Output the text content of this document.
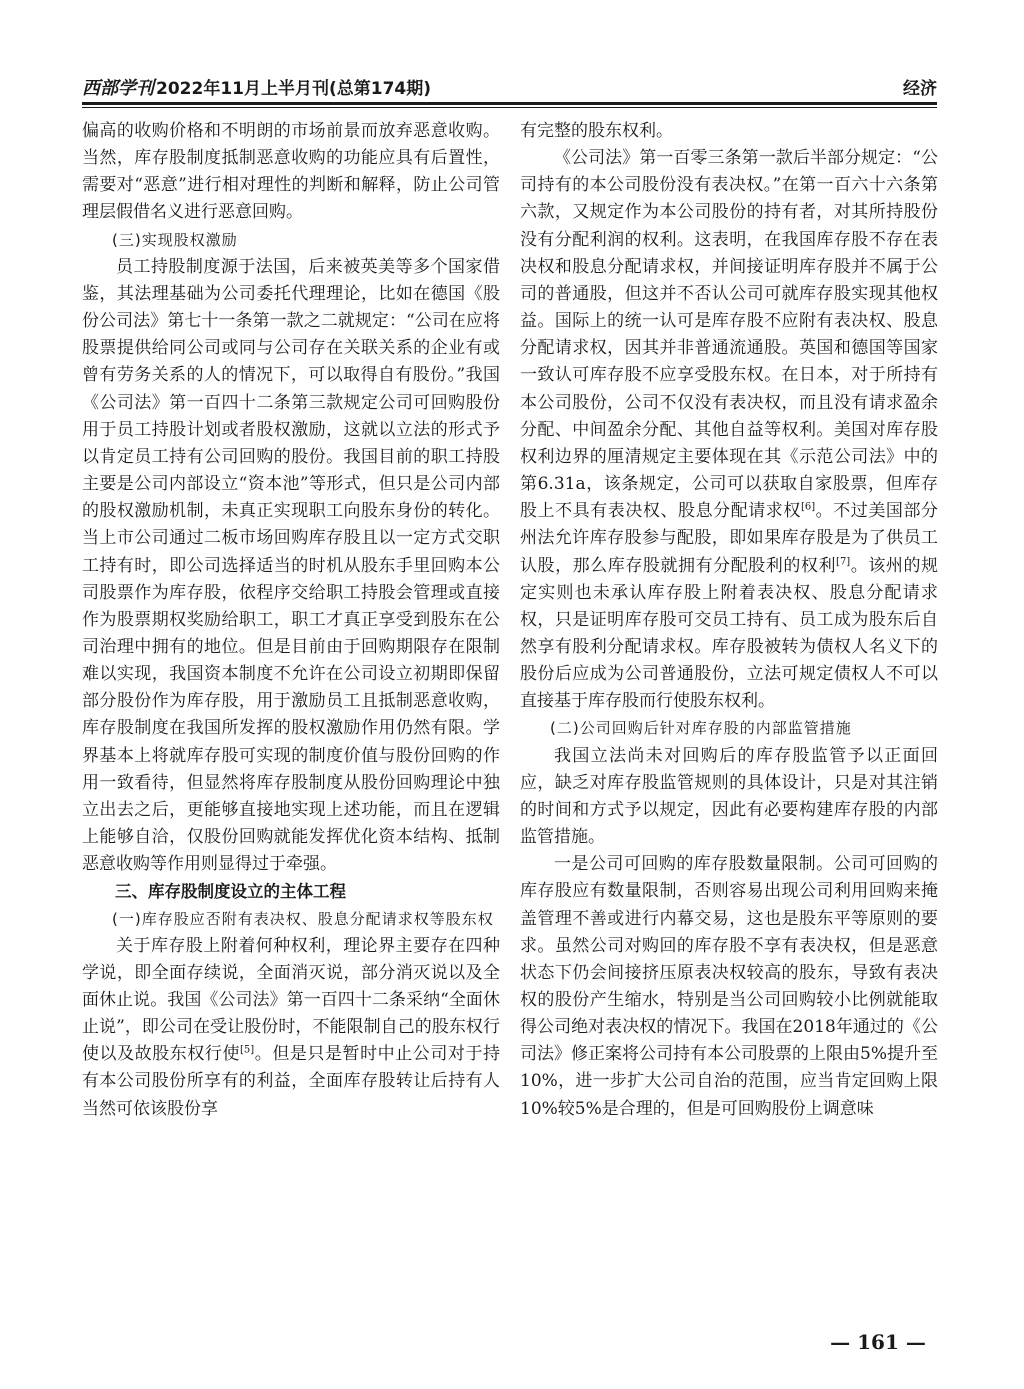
西部学刊 2022年11月上半月刊(总第174期)	经济

偏高的收购价格和不明朗的市场前景而放弃恶意收购。当然，库存股制度抵制恶意收购的功能应具有后置性，需要对“恶意”进行相对理性的判断和解释，防止公司管理层假借名义进行恶意回购。

(三)实现股权激励

员工持股制度源于法国，后来被英美等多个国家借鉴，其法理基础为公司委托代理理论，比如在德国《股份公司法》第七十一条第一款之二就规定：“公司在应将股票提供给同公司或同与公司存在关联关系的企业有或曾有劳务关系的人的情况下，可以取得自有股份。”我国《公司法》第一百四十二条第三款规定公司可回购股份用于员工持股计划或者股权激励，这就以立法的形式予以肯定员工持有公司回购的股份。我国目前的职工持股主要是公司内部设立“资本池”等形式，但只是公司内部的股权激励机制，未真正实现职工向股东身份的转化。当上市公司通过二板市场回购库存股且以一定方式交职工持有时，即公司选择适当的时机从股东手里回购本公司股票作为库存股，依程序交给职工持股会管理或直接作为股票期权奖励给职工，职工才真正享受到股东在公司治理中拥有的地位。但是目前由于回购期限存在限制难以实现，我国资本制度不允许在公司设立初期即保留部分股份作为库存股，用于激励员工且抵制恶意收购，库存股制度在我国所发挥的股权激励作用仍然有限。学界基本上将就库存股可实现的制度价值与股份回购的作用一致看待，但显然将库存股制度从股份回购理论中独立出去之后，更能够直接地实现上述功能，而且在逻辑上能够自洽，仅股份回购就能发挥优化资本结构、抵制恶意收购等作用则显得过于牵强。

三、库存股制度设立的主体工程

(一)库存股应否附有表决权、股息分配请求权等股东权

关于库存股上附着何种权利，理论界主要存在四种学说，即全面存续说，全面消灭说，部分消灭说以及全面休止说。我国《公司法》第一百四十二条采纳“全面休止说”，即公司在受让股份时，不能限制自己的股东权行使以及故股东权行使[5]。但是只是暂时中止公司对于持有本公司股份所享有的利益，全面库存股转让后持有人当然可依该股份享

有完整的股东权利。

《公司法》第一百零三条第一款后半部分规定：“公司持有的本公司股份没有表决权。”在第一百六十六条第六款，又规定作为本公司股份的持有者，对其所持股份没有分配利润的权利。这表明，在我国库存股不存在表决权和股息分配请求权，并间接证明库存股并不属于公司的普通股，但这并不否认公司可就库存股实现其他权益。国际上的统一认可是库存股不应附有表决权、股息分配请求权，因其并非普通流通股。英国和德国等国家一致认可库存股不应享受股东权。在日本，对于所持有本公司股份，公司不仅没有表决权，而且没有请求盈余分配、中间盈余分配、其他自益等权利。美国对库存股权利边界的厘清规定主要体现在其《示范公司法》中的第6.31a，该条规定，公司可以获取自家股票，但库存股上不具有表决权、股息分配请求权[6]。不过美国部分州法允许库存股参与配股，即如果库存股是为了供员工认股，那么库存股就拥有分配股利的权利[7]。该州的规定实则也未承认库存股上附着表决权、股息分配请求权，只是证明库存股可交员工持有、员工成为股东后自然享有股利分配请求权。库存股被转为债权人名义下的股份后应成为公司普通股份，立法可规定债权人不可以直接基于库存股而行使股东权利。

(二)公司回购后针对库存股的内部监管措施

我国立法尚未对回购后的库存股监管予以正面回应，缺乏对库存股监管规则的具体设计，只是对其注销的时间和方式予以规定，因此有必要构建库存股的内部监管措施。

一是公司可回购的库存股数量限制。公司可回购的库存股应有数量限制，否则容易出现公司利用回购来掩盖管理不善或进行内幕交易，这也是股东平等原则的要求。虽然公司对购回的库存股不享有表决权，但是恶意状态下仍会间接挤压原表决权较高的股东，导致有表决权的股份产生缩水，特别是当公司回购较小比例就能取得公司绝对表决权的情况下。我国在2018年通过的《公司法》修正案将公司持有本公司股票的上限由5%提升至10%，进一步扩大公司自治的范围，应当肯定回购上限10%较5%是合理的，但是可回购股份上调意味

— 161 —
